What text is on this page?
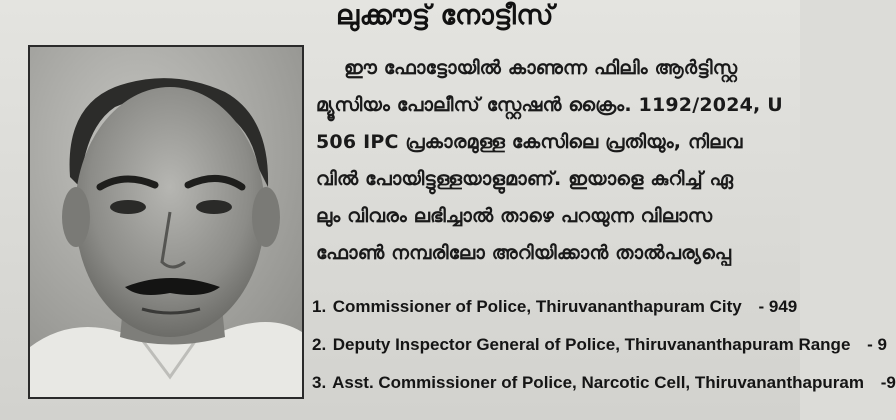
ലുക്കൗട്ട് നോട്ടീസ്
ഈ ഫോട്ടോയിൽ കാണുന്ന ഫിലിം ആർട്ടിസ്റ്റ
മ്യൂസിയം പോലീസ് സ്റ്റേഷൻ ക്രൈം. 1192/2024, U
506 IPC പ്രകാരമുള്ള കേസിലെ പ്രതിയും, നിലവ
വിൽ പോയിട്ടുള്ളയാളുമാണ്. ഇയാളെ കുറിച്ച് ഏ
ലും വിവരം ലഭിച്ചാൽ താഴെ പറയുന്ന വിലാസ
ഫോൺ നമ്പരിലോ അറിയിക്കാൻ താൽപര്യപ്പെ
1. Commissioner of Police, Thiruvananthapuram City - 949
2. Deputy Inspector General of Police, Thiruvananthapuram Range - 9
3. Asst. Commissioner of Police, Narcotic Cell, Thiruvananthapuram -9
